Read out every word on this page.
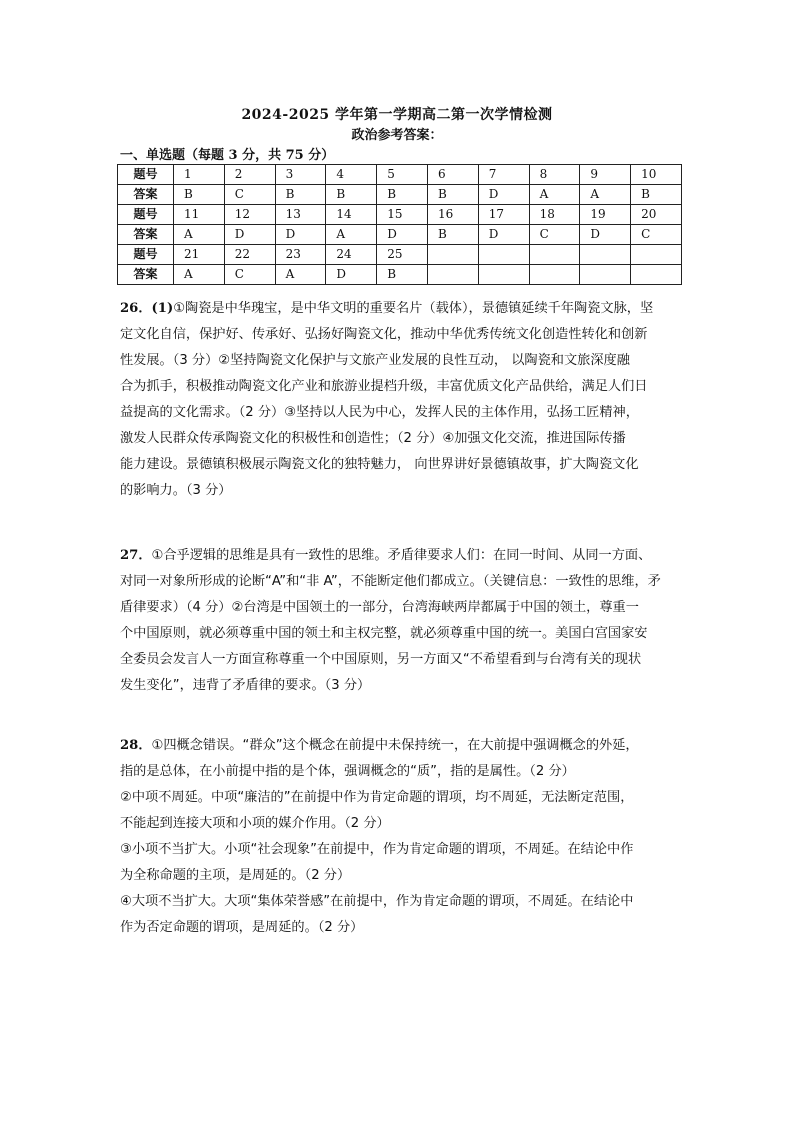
2024-2025 学年第一学期高二第一次学情检测
政治参考答案：
一、单选题（每题 3 分，共 75 分）
题号	1	2	3	4	5	6	7	8	9	10
答案	B	C	B	B	B	B	D	A	A	B
题号	11	12	13	14	15	16	17	18	19	20
答案	A	D	D	A	D	B	D	C	D	C
题号	21	22	23	24	25					
答案	A	C	A	D	B					
26．(1)①陶瓷是中华瑰宝，是中华文明的重要名片（载体），景德镇延续千年陶瓷文脉，坚
定文化自信，保护好、传承好、弘扬好陶瓷文化，推动中华优秀传统文化创造性转化和创新
性发展。（3 分）②坚持陶瓷文化保护与文旅产业发展的良性互动， 以陶瓷和文旅深度融
合为抓手，积极推动陶瓷文化产业和旅游业提档升级，丰富优质文化产品供给，满足人们日
益提高的文化需求。（2 分）③坚持以人民为中心，发挥人民的主体作用，弘扬工匠精神，
激发人民群众传承陶瓷文化的积极性和创造性；（2 分）④加强文化交流，推进国际传播
能力建设。景德镇积极展示陶瓷文化的独特魅力， 向世界讲好景德镇故事，扩大陶瓷文化
的影响力。（3 分）
27．①合乎逻辑的思维是具有一致性的思维。矛盾律要求人们：在同一时间、从同一方面、
对同一对象所形成的论断“A”和“非 A”，不能断定他们都成立。（关键信息：一致性的思维，矛
盾律要求）（4 分）②台湾是中国领土的一部分，台湾海峡两岸都属于中国的领土，尊重一
个中国原则，就必须尊重中国的领土和主权完整，就必须尊重中国的统一。美国白宫国家安
全委员会发言人一方面宣称尊重一个中国原则，另一方面又“不希望看到与台湾有关的现状
发生变化”，违背了矛盾律的要求。（3 分）
28．①四概念错误。“群众”这个概念在前提中未保持统一，在大前提中强调概念的外延，
指的是总体，在小前提中指的是个体，强调概念的“质”，指的是属性。（2 分）
②中项不周延。中项“廉洁的”在前提中作为肯定命题的谓项，均不周延，无法断定范围，
不能起到连接大项和小项的媒介作用。（2 分）
③小项不当扩大。小项“社会现象”在前提中，作为肯定命题的谓项，不周延。在结论中作
为全称命题的主项，是周延的。（2 分）
④大项不当扩大。大项“集体荣誉感”在前提中，作为肯定命题的谓项，不周延。在结论中
作为否定命题的谓项，是周延的。（2 分）
